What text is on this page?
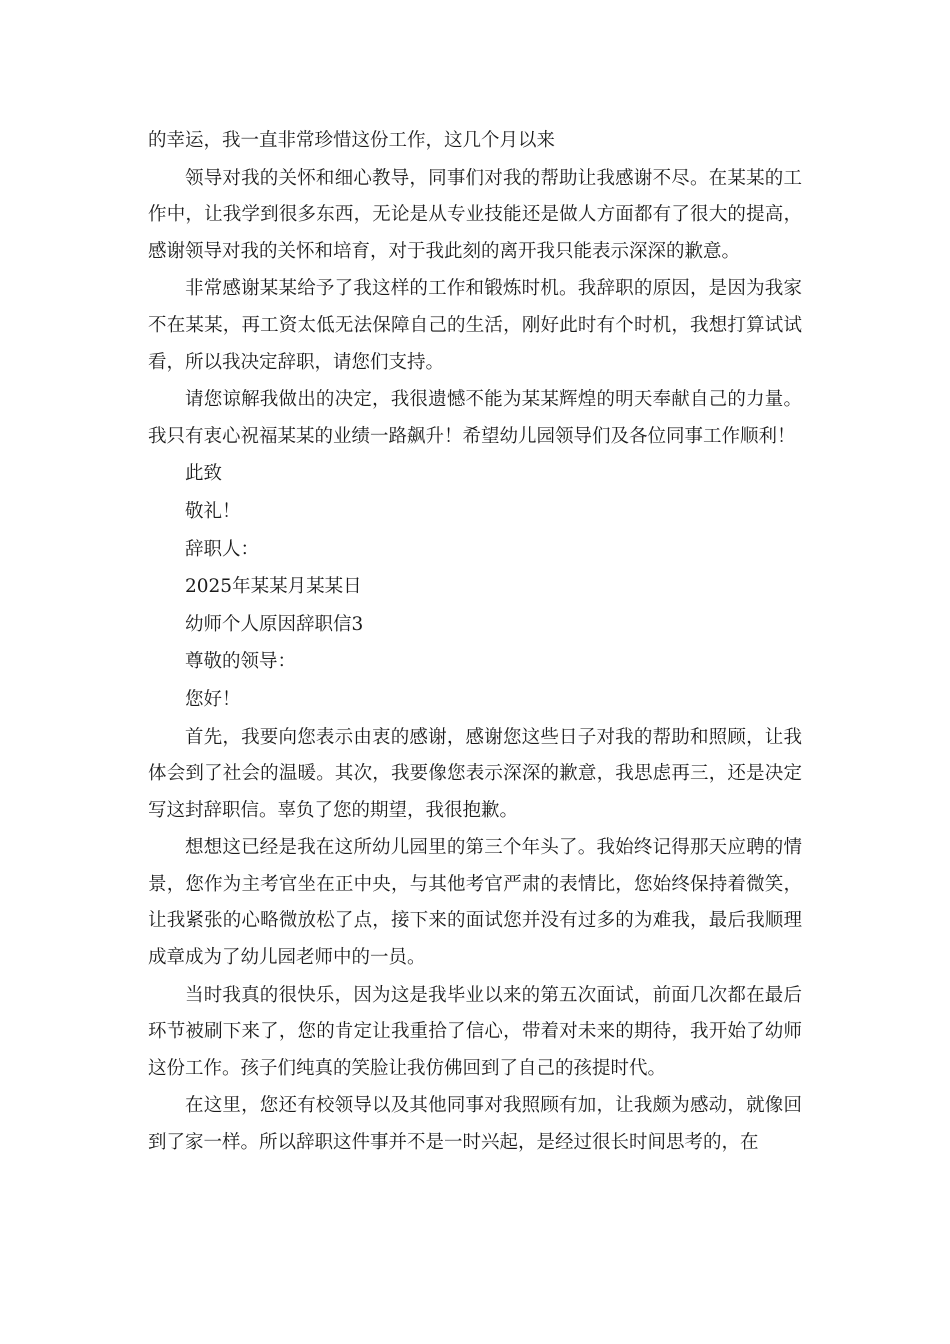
的幸运，我一直非常珍惜这份工作，这几个月以来

领导对我的关怀和细心教导，同事们对我的帮助让我感谢不尽。在某某的工作中，让我学到很多东西，无论是从专业技能还是做人方面都有了很大的提高，感谢领导对我的关怀和培育，对于我此刻的离开我只能表示深深的歉意。

非常感谢某某给予了我这样的工作和锻炼时机。我辞职的原因，是因为我家不在某某，再工资太低无法保障自己的生活，刚好此时有个时机，我想打算试试看，所以我决定辞职，请您们支持。

请您谅解我做出的决定，我很遗憾不能为某某辉煌的明天奉献自己的力量。我只有衷心祝福某某的业绩一路飙升！希望幼儿园领导们及各位同事工作顺利！

此致

敬礼！

辞职人：

2025年某某月某某日

幼师个人原因辞职信3

尊敬的领导：

您好！

首先，我要向您表示由衷的感谢，感谢您这些日子对我的帮助和照顾，让我体会到了社会的温暖。其次，我要像您表示深深的歉意，我思虑再三，还是决定写这封辞职信。辜负了您的期望，我很抱歉。

想想这已经是我在这所幼儿园里的第三个年头了。我始终记得那天应聘的情景，您作为主考官坐在正中央，与其他考官严肃的表情比，您始终保持着微笑，让我紧张的心略微放松了点，接下来的面试您并没有过多的为难我，最后我顺理成章成为了幼儿园老师中的一员。

当时我真的很快乐，因为这是我毕业以来的第五次面试，前面几次都在最后环节被刷下来了，您的肯定让我重拾了信心，带着对未来的期待，我开始了幼师这份工作。孩子们纯真的笑脸让我仿佛回到了自己的孩提时代。

在这里，您还有校领导以及其他同事对我照顾有加，让我颇为感动，就像回到了家一样。所以辞职这件事并不是一时兴起，是经过很长时间思考的，在
